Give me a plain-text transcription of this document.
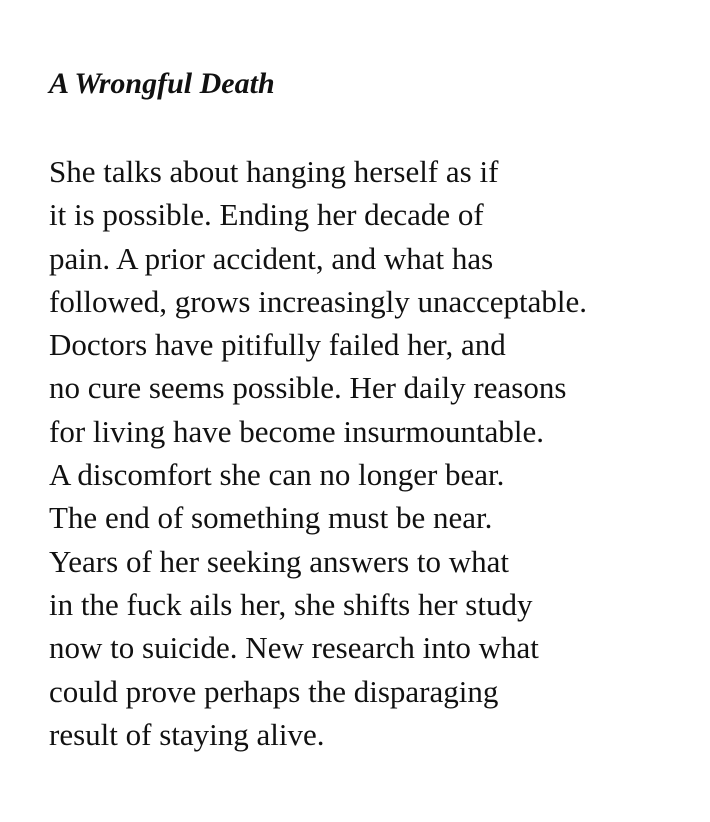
A Wrongful Death
She talks about hanging herself as if
it is possible. Ending her decade of
pain. A prior accident, and what has
followed, grows increasingly unacceptable.
Doctors have pitifully failed her, and
no cure seems possible. Her daily reasons
for living have become insurmountable.
A discomfort she can no longer bear.
The end of something must be near.
Years of her seeking answers to what
in the fuck ails her, she shifts her study
now to suicide. New research into what
could prove perhaps the disparaging
result of staying alive.
